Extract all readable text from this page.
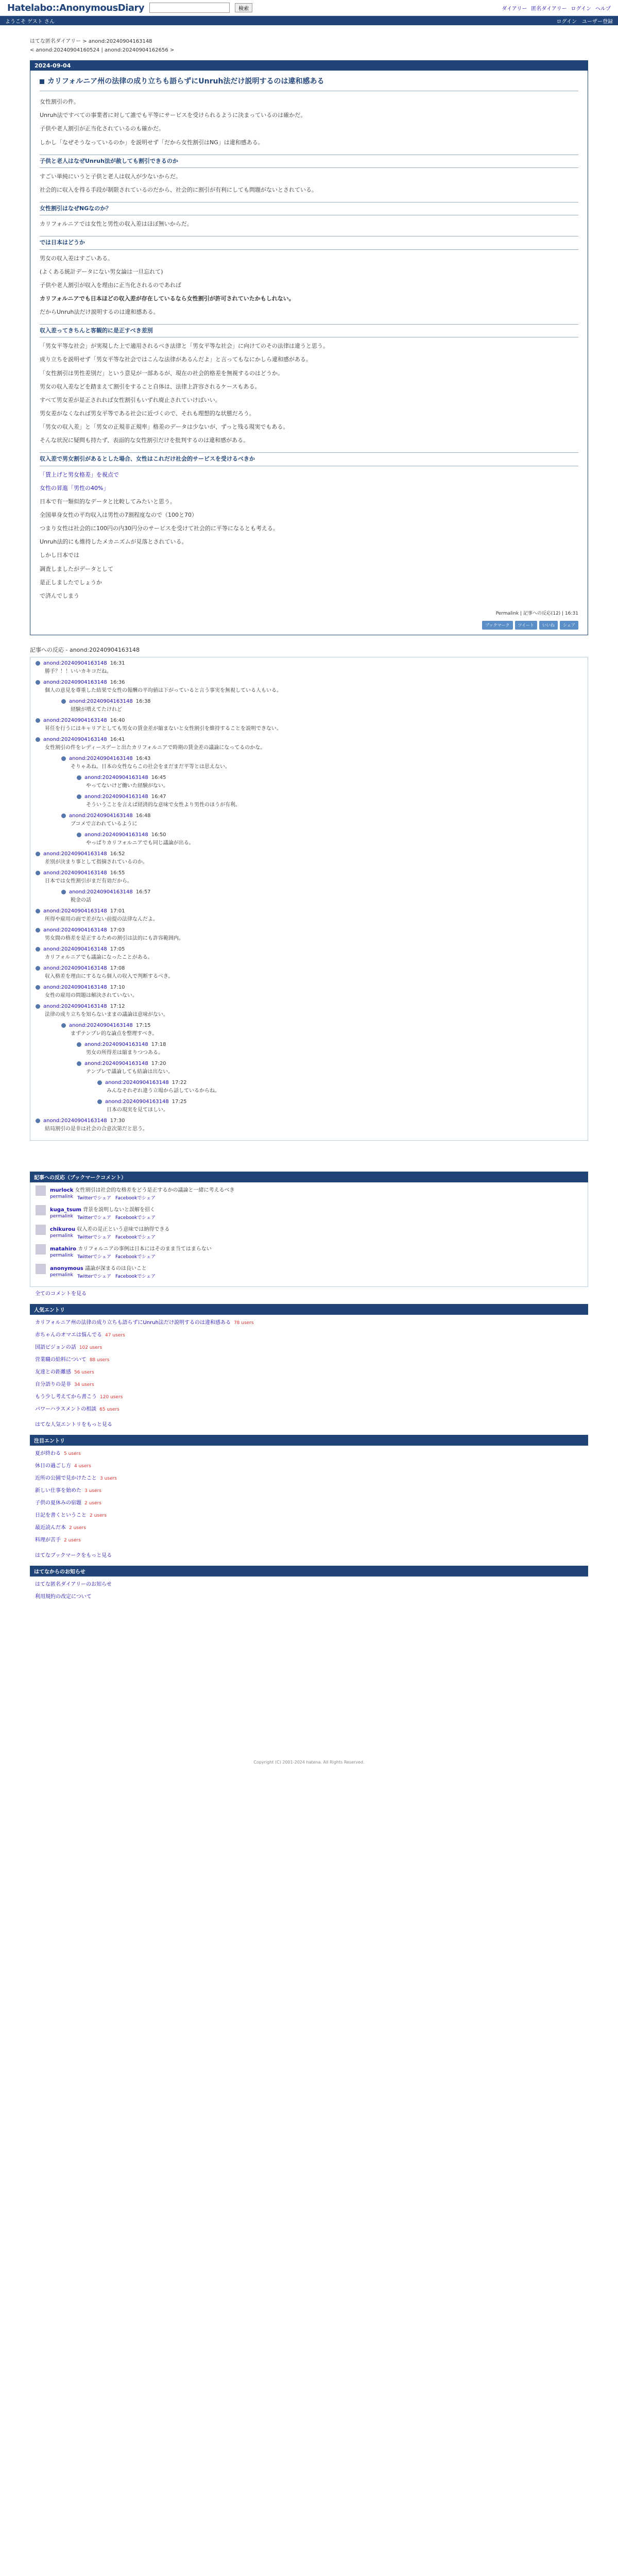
Hatelabo::AnonymousDiary	検索	ダイアリー 匿名ダイアリー ログイン ヘルプ
ようこそ ゲスト さん	ログイン ユーザー登録
はてな匿名ダイアリー > anond:20240904163148
< anond:20240904160524 | anond:20240904162656 >
2024-09-04
カリフォルニア州の法律の成り立ちも語らずにUnruh法だけ説明するのは違和感ある

女性割引の件。

Unruh法ですべての事業者に対して誰でも平等にサービスを受けられるように決まっているのは確かだ。

子供や老人割引が正当化されているのも確かだ。

しかし「なぜそうなっているのか」を説明せず「だから女性割引はNG」は違和感ある。

子供と老人はなぜUnruh法が赦しても割引できるのか

すごい単純にいうと子供と老人は収入が少ないからだ。

社会的に収入を得る手段が制限されているのだから、社会的に割引が有利にしても問題がないとされている。

女性割引はなぜNGなのか？

カリフォルニアでは女性と男性の収入差はほぼ無いからだ。

では日本はどうか

男女の収入差はすごいある。

(よくある統計データにない男女論は一旦忘れて)

子供や老人割引が収入を理由に正当化されるのであれば

カリフォルニアでも日本ほどの収入差が存在しているなら女性割引が許可されていたかもしれない。

だからUnruh法だけ説明するのは違和感ある。

収入差ってきちんと客観的に是正すべき差別

「男女平等な社会」が実現した上で適用されるべき法律と「男女平等な社会」に向けてのその法律は違うと思う。

成り立ちを説明せず「男女平等な社会ではこんな法律があるんだよ」と言ってもなにかしら違和感がある。

「女性割引は男性差別だ」という意見が一部あるが、現在の社会的格差を無視するのはどうか。

男女の収入差などを踏まえて割引をすること自体は、法律上許容されるケースもある。

すべて男女差が是正されれば女性割引もいずれ廃止されていけばいい。

男女差がなくなれば男女平等である社会に近づくので、それも理想的な状態だろう。

「男女の収入差」と「男女の正規非正規率」格差のデータは少ないが、ずっと残る現実でもある。

そんな状況に疑問も持たず、表面的な女性割引だけを批判するのは違和感がある。

収入差で男女割引があるとした場合、女性はこれだけ社会的サービスを受けるべきか

「賃上げと男女格差」を視点で

女性の昇進「男性の40%」

日本で有一類似的なデータと比較してみたいと思う。

全国単身女性の平均収入は男性の7割程度なので（100と70）

つまり女性は社会的に100円の内30円分のサービスを受けて社会的に平等になるとも考える。

Unruh法的にも維持したメカニズムが見落とされている。

しかし日本では

調査しましたがデータとして

是正しましたでしょうか

で済んでしまう

Permalink | 記事への反応(12) | 16:31
ブックマーク	ツイート	いいね	シェア
記事への反応 - anond:20240904163148
anond:20240904163148 16:31
勝手？！！いいカキコだね。
anond:20240904163148 16:36
個人の意見を尊重した結果で女性の報酬の平均値は下がっていると言う事実を無視している人もいる。
anond:20240904163148 16:38
経験が増えてたけれど
anond:20240904163148 16:40
昇任を行うにはキャリアとしても男女の賃金差が縮まないと女性割引を維持することを説明できない。
anond:20240904163148 16:41
女性割引の件をレディースデーと出たカリフォルニアで時期の賃金差の議論になってるのかな。
anond:20240904163148 16:43
そりゃあね。日本の女性ならこの社会をまだまだ平等とは思えない。
anond:20240904163148 16:45
やってないけど働いた経験がない。
anond:20240904163148 16:47
そういうことを言えば経済的な意味で女性より男性のほうが有利。
anond:20240904163148 16:48
ブコメで言われているように
anond:20240904163148 16:50
やっぱりカリフォルニアでも同じ議論が出る。
anond:20240904163148 16:52
差別が決まり事として指摘されているのか。
anond:20240904163148 16:55
日本では女性割引がまだ有効だから。
anond:20240904163148 16:57
税金の話
anond:20240904163148 17:01
所得や雇用の面で差がない前提の法律なんだよ。
anond:20240904163148 17:03
男女間の格差を是正するための割引は法的にも許容範囲内。
anond:20240904163148 17:05
カリフォルニアでも議論になったことがある。
anond:20240904163148 17:08
収入格差を理由にするなら個人の収入で判断するべき。
anond:20240904163148 17:10
女性の雇用の問題は解決されていない。
anond:20240904163148 17:12
法律の成り立ちを知らないままの議論は意味がない。
anond:20240904163148 17:15
まずテンプレ的な論点を整理すべき。
anond:20240904163148 17:18
男女の所得差は縮まりつつある。
anond:20240904163148 17:20
テンプレで議論しても結論は出ない。
anond:20240904163148 17:22
みんなそれぞれ違う立場から話しているからね。
anond:20240904163148 17:25
日本の現実を見てほしい。
anond:20240904163148 17:30
結局割引の是非は社会の合意次第だと思う。
記事への反応（ブックマークコメント）
murlock 女性割引は社会的な格差をどう是正するかの議論と一緒に考えるべき
permalink Twitterでシェア Facebookでシェア
kuga_tsum 背景を説明しないと誤解を招く
permalink Twitterでシェア Facebookでシェア
chikurou 収入差の是正という意味では納得できる
permalink Twitterでシェア Facebookでシェア
matahiro カリフォルニアの事例は日本にはそのまま当てはまらない
permalink Twitterでシェア Facebookでシェア
anonymous 議論が深まるのは良いこと
permalink Twitterでシェア Facebookでシェア
全てのコメントを見る
人気エントリ
カリフォルニア州の法律の成り立ちも語らずにUnruh法だけ説明するのは違和感ある 78 users
赤ちゃんのオマエは悩んでる 47 users
国語ビジョンの話 102 users
営業職の給料について 88 users
友達との距離感 56 users
自分語りの是非 34 users
もう少し考えてから書こう 120 users
パワーハラスメントの相談 65 users
はてな人気エントリをもっと見る
注目エントリ
夏が終わる 5 users
休日の過ごし方 4 users
近所の公園で見かけたこと 3 users
新しい仕事を始めた 3 users
子供の夏休みの宿題 2 users
日記を書くということ 2 users
最近読んだ本 2 users
料理が苦手 2 users
はてなブックマークをもっと見る
はてなからのお知らせ
はてな匿名ダイアリーのお知らせ
利用規約の改定について
Copyright (C) 2001-2024 hatena. All Rights Reserved.
